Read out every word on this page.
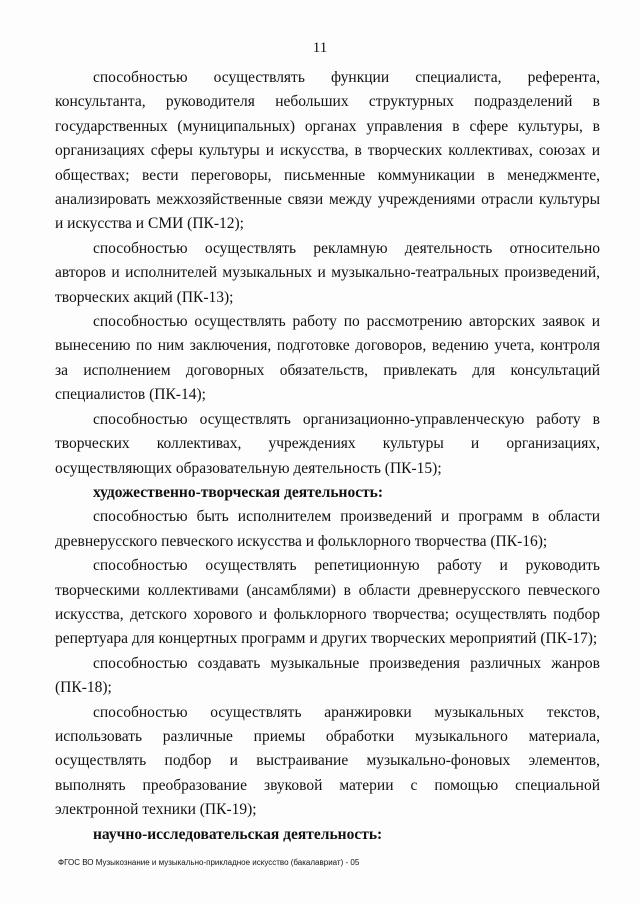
11

способностью осуществлять функции специалиста, референта, консультанта, руководителя небольших структурных подразделений в государственных (муниципальных) органах управления в сфере культуры, в организациях сферы культуры и искусства, в творческих коллективах, союзах и обществах; вести переговоры, письменные коммуникации в менеджменте, анализировать межхозяйственные связи между учреждениями отрасли культуры и искусства и СМИ (ПК-12);

способностью осуществлять рекламную деятельность относительно авторов и исполнителей музыкальных и музыкально-театральных произведений, творческих акций (ПК-13);

способностью осуществлять работу по рассмотрению авторских заявок и вынесению по ним заключения, подготовке договоров, ведению учета, контроля за исполнением договорных обязательств, привлекать для консультаций специалистов (ПК-14);

способностью осуществлять организационно-управленческую работу в творческих коллективах, учреждениях культуры и организациях, осуществляющих образовательную деятельность (ПК-15);

художественно-творческая деятельность:

способностью быть исполнителем произведений и программ в области древнерусского певческого искусства и фольклорного творчества (ПК-16);

способностью осуществлять репетиционную работу и руководить творческими коллективами (ансамблями) в области древнерусского певческого искусства, детского хорового и фольклорного творчества; осуществлять подбор репертуара для концертных программ и других творческих мероприятий (ПК-17);

способностью создавать музыкальные произведения различных жанров (ПК-18);

способностью осуществлять аранжировки музыкальных текстов, использовать различные приемы обработки музыкального материала, осуществлять подбор и выстраивание музыкально-фоновых элементов, выполнять преобразование звуковой материи с помощью специальной электронной техники (ПК-19);

научно-исследовательская деятельность:

ФГОС ВО Музыкознание и музыкально-прикладное искусство (бакалавриат) - 05
